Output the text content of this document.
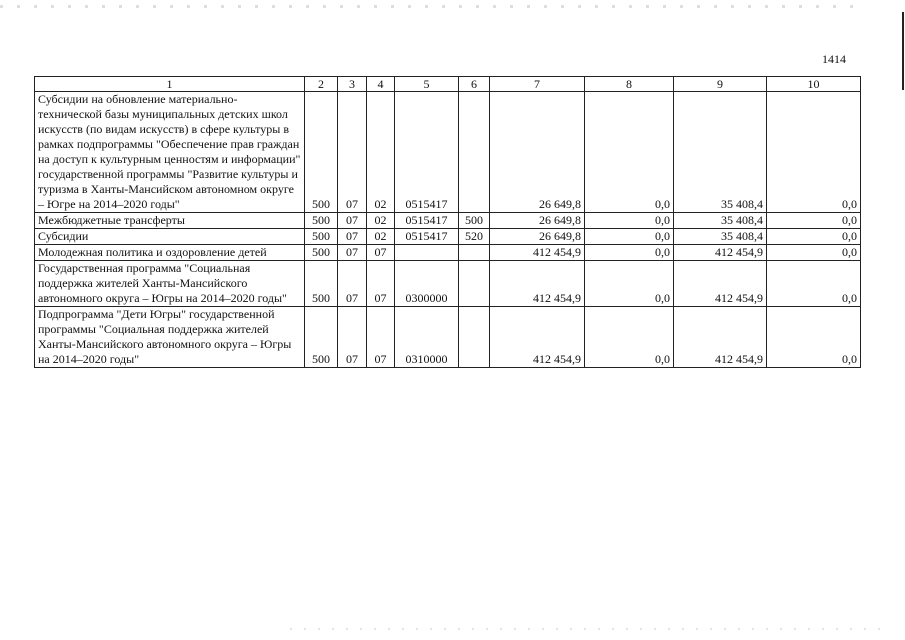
1414
1	2	3	4	5	6	7	8	9	10
Субсидии на обновление материально-технической базы муниципальных детских школ искусств (по видам искусств) в сфере культуры в рамках подпрограммы "Обеспечение прав граждан на доступ к культурным ценностям и информации" государственной программы "Развитие культуры и туризма в Ханты-Мансийском автономном округе – Югре на 2014–2020 годы"	500	07	02	0515417		26 649,8	0,0	35 408,4	0,0
Межбюджетные трансферты	500	07	02	0515417	500	26 649,8	0,0	35 408,4	0,0
Субсидии	500	07	02	0515417	520	26 649,8	0,0	35 408,4	0,0
Молодежная политика и оздоровление детей	500	07	07			412 454,9	0,0	412 454,9	0,0
Государственная программа "Социальная поддержка жителей Ханты-Мансийского автономного округа – Югры на 2014–2020 годы"	500	07	07	0300000		412 454,9	0,0	412 454,9	0,0
Подпрограмма "Дети Югры" государственной программы "Социальная поддержка жителей Ханты-Мансийского автономного округа – Югры на 2014–2020 годы"	500	07	07	0310000		412 454,9	0,0	412 454,9	0,0
